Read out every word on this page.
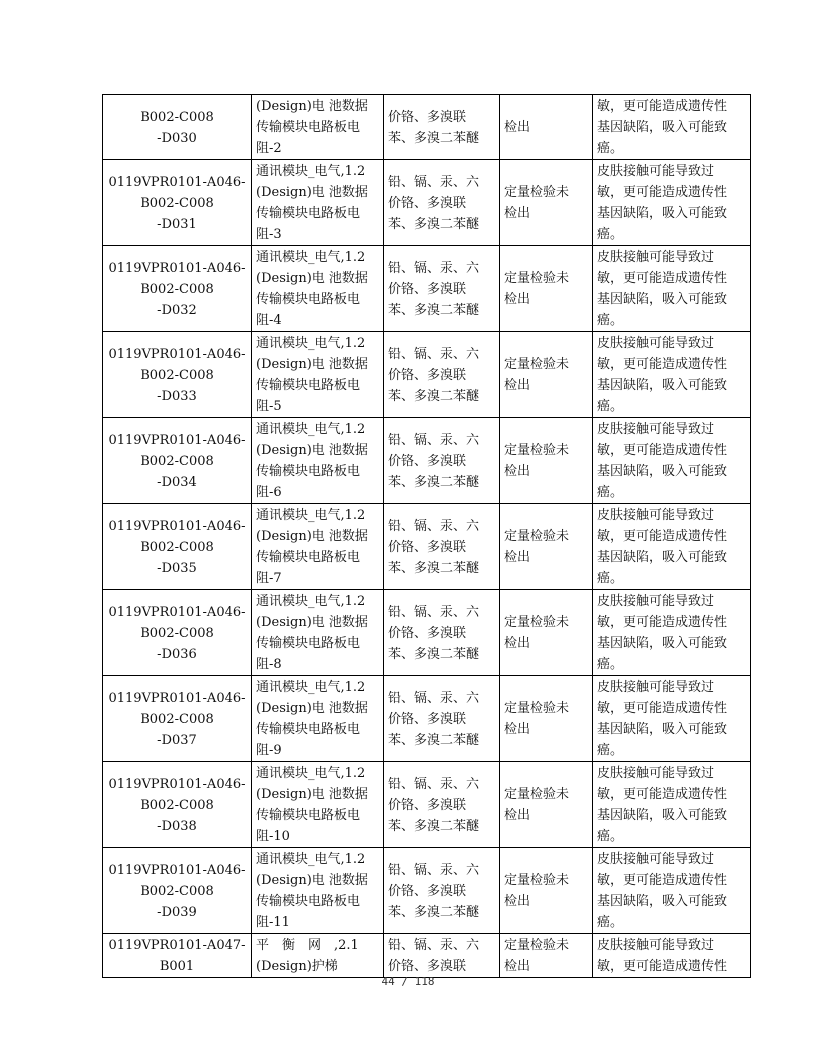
B002-C008
-D030	(Design)电 池数据
传输模块电路板电
阻-2	价铬、多溴联
苯、多溴二苯醚	检出	敏，更可能造成遗传性
基因缺陷，吸入可能致
癌。

0119VPR0101-A046-
B002-C008
-D031	通讯模块_电气,1.2
(Design)电 池数据
传输模块电路板电
阻-3	铅、镉、汞、六
价铬、多溴联
苯、多溴二苯醚	定量检验未
检出	皮肤接触可能导致过
敏，更可能造成遗传性
基因缺陷，吸入可能致
癌。

0119VPR0101-A046-
B002-C008
-D032	通讯模块_电气,1.2
(Design)电 池数据
传输模块电路板电
阻-4	铅、镉、汞、六
价铬、多溴联
苯、多溴二苯醚	定量检验未
检出	皮肤接触可能导致过
敏，更可能造成遗传性
基因缺陷，吸入可能致
癌。

0119VPR0101-A046-
B002-C008
-D033	通讯模块_电气,1.2
(Design)电 池数据
传输模块电路板电
阻-5	铅、镉、汞、六
价铬、多溴联
苯、多溴二苯醚	定量检验未
检出	皮肤接触可能导致过
敏，更可能造成遗传性
基因缺陷，吸入可能致
癌。

0119VPR0101-A046-
B002-C008
-D034	通讯模块_电气,1.2
(Design)电 池数据
传输模块电路板电
阻-6	铅、镉、汞、六
价铬、多溴联
苯、多溴二苯醚	定量检验未
检出	皮肤接触可能导致过
敏，更可能造成遗传性
基因缺陷，吸入可能致
癌。

0119VPR0101-A046-
B002-C008
-D035	通讯模块_电气,1.2
(Design)电 池数据
传输模块电路板电
阻-7	铅、镉、汞、六
价铬、多溴联
苯、多溴二苯醚	定量检验未
检出	皮肤接触可能导致过
敏，更可能造成遗传性
基因缺陷，吸入可能致
癌。

0119VPR0101-A046-
B002-C008
-D036	通讯模块_电气,1.2
(Design)电 池数据
传输模块电路板电
阻-8	铅、镉、汞、六
价铬、多溴联
苯、多溴二苯醚	定量检验未
检出	皮肤接触可能导致过
敏，更可能造成遗传性
基因缺陷，吸入可能致
癌。

0119VPR0101-A046-
B002-C008
-D037	通讯模块_电气,1.2
(Design)电 池数据
传输模块电路板电
阻-9	铅、镉、汞、六
价铬、多溴联
苯、多溴二苯醚	定量检验未
检出	皮肤接触可能导致过
敏，更可能造成遗传性
基因缺陷，吸入可能致
癌。

0119VPR0101-A046-
B002-C008
-D038	通讯模块_电气,1.2
(Design)电 池数据
传输模块电路板电
阻-10	铅、镉、汞、六
价铬、多溴联
苯、多溴二苯醚	定量检验未
检出	皮肤接触可能导致过
敏，更可能造成遗传性
基因缺陷，吸入可能致
癌。

0119VPR0101-A046-
B002-C008
-D039	通讯模块_电气,1.2
(Design)电 池数据
传输模块电路板电
阻-11	铅、镉、汞、六
价铬、多溴联
苯、多溴二苯醚	定量检验未
检出	皮肤接触可能导致过
敏，更可能造成遗传性
基因缺陷，吸入可能致
癌。

0119VPR0101-A047-
B001	平　衡　网　,2.1
(Design)护梯	铅、镉、汞、六
价铬、多溴联	定量检验未
检出	皮肤接触可能导致过
敏，更可能造成遗传性
44 / 118
